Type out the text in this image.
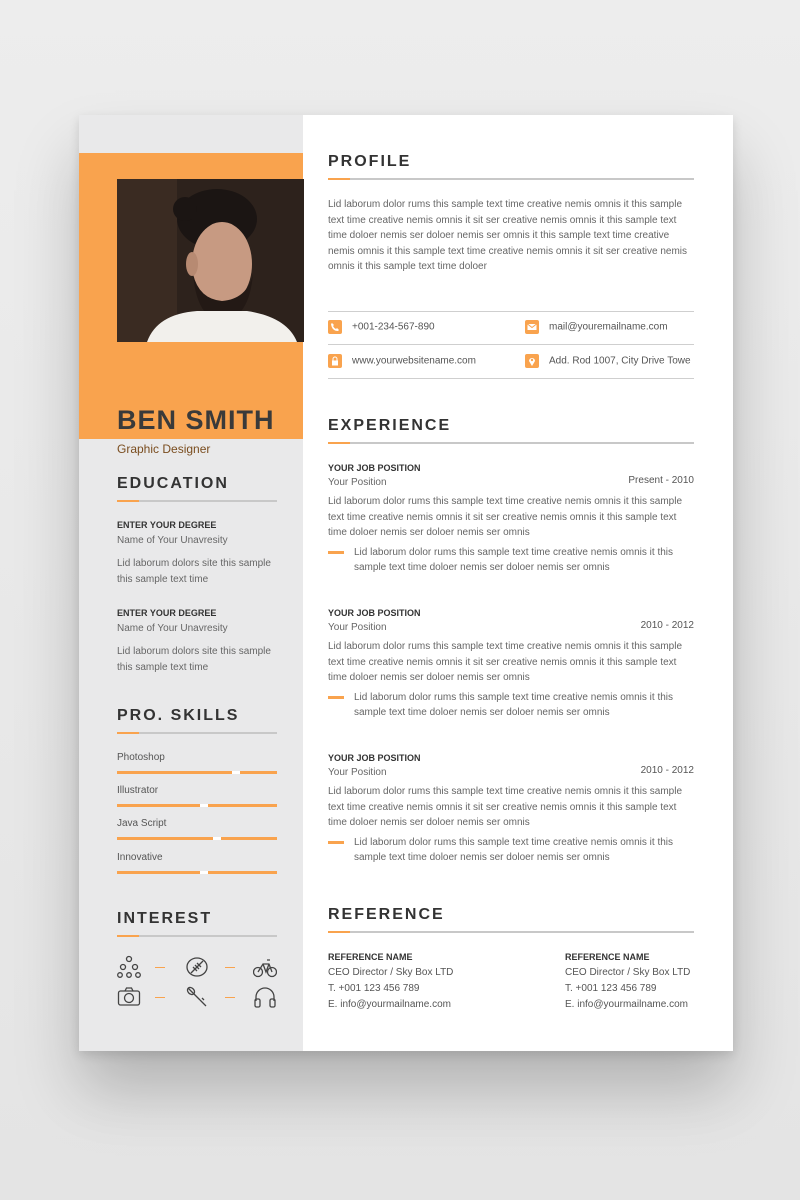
BEN SMITH
Graphic Designer
EDUCATION
ENTER YOUR DEGREE
Name of Your Unavresity
Lid laborum dolors site this sample this sample text time
ENTER YOUR DEGREE
Name of Your Unavresity
Lid laborum dolors site this sample this sample text time
PRO. SKILLS
Photoshop
Illustrator
Java Script
Innovative
INTEREST
PROFILE
Lid laborum dolor rums this sample text time creative nemis omnis it this sample text time creative nemis omnis it sit ser creative nemis omnis it this sample text time doloer nemis ser doloer nemis ser omnis it this sample text time creative nemis omnis it this sample text time creative nemis omnis it sit ser creative nemis omnis it this sample text time doloer
+001-234-567-890	mail@youremailname.com
www.yourwebsitename.com	Add. Rod 1007, City Drive Towe
EXPERIENCE
YOUR JOB POSITION
Your Position	Present - 2010
Lid laborum dolor rums this sample text time creative nemis omnis it this sample text time creative nemis omnis it sit ser creative nemis omnis it this sample text time doloer nemis ser doloer nemis ser omnis
Lid laborum dolor rums this sample text time creative nemis omnis it this sample text time doloer nemis ser doloer nemis ser omnis
YOUR JOB POSITION
Your Position	2010 - 2012
Lid laborum dolor rums this sample text time creative nemis omnis it this sample text time creative nemis omnis it sit ser creative nemis omnis it this sample text time doloer nemis ser doloer nemis ser omnis
Lid laborum dolor rums this sample text time creative nemis omnis it this sample text time doloer nemis ser doloer nemis ser omnis
YOUR JOB POSITION
Your Position	2010 - 2012
Lid laborum dolor rums this sample text time creative nemis omnis it this sample text time creative nemis omnis it sit ser creative nemis omnis it this sample text time doloer nemis ser doloer nemis ser omnis
Lid laborum dolor rums this sample text time creative nemis omnis it this sample text time doloer nemis ser doloer nemis ser omnis
REFERENCE
REFERENCE NAME
CEO Director / Sky Box LTD
T. +001 123 456 789
E. info@yourmailname.com
REFERENCE NAME
CEO Director / Sky Box LTD
T. +001 123 456 789
E. info@yourmailname.com
